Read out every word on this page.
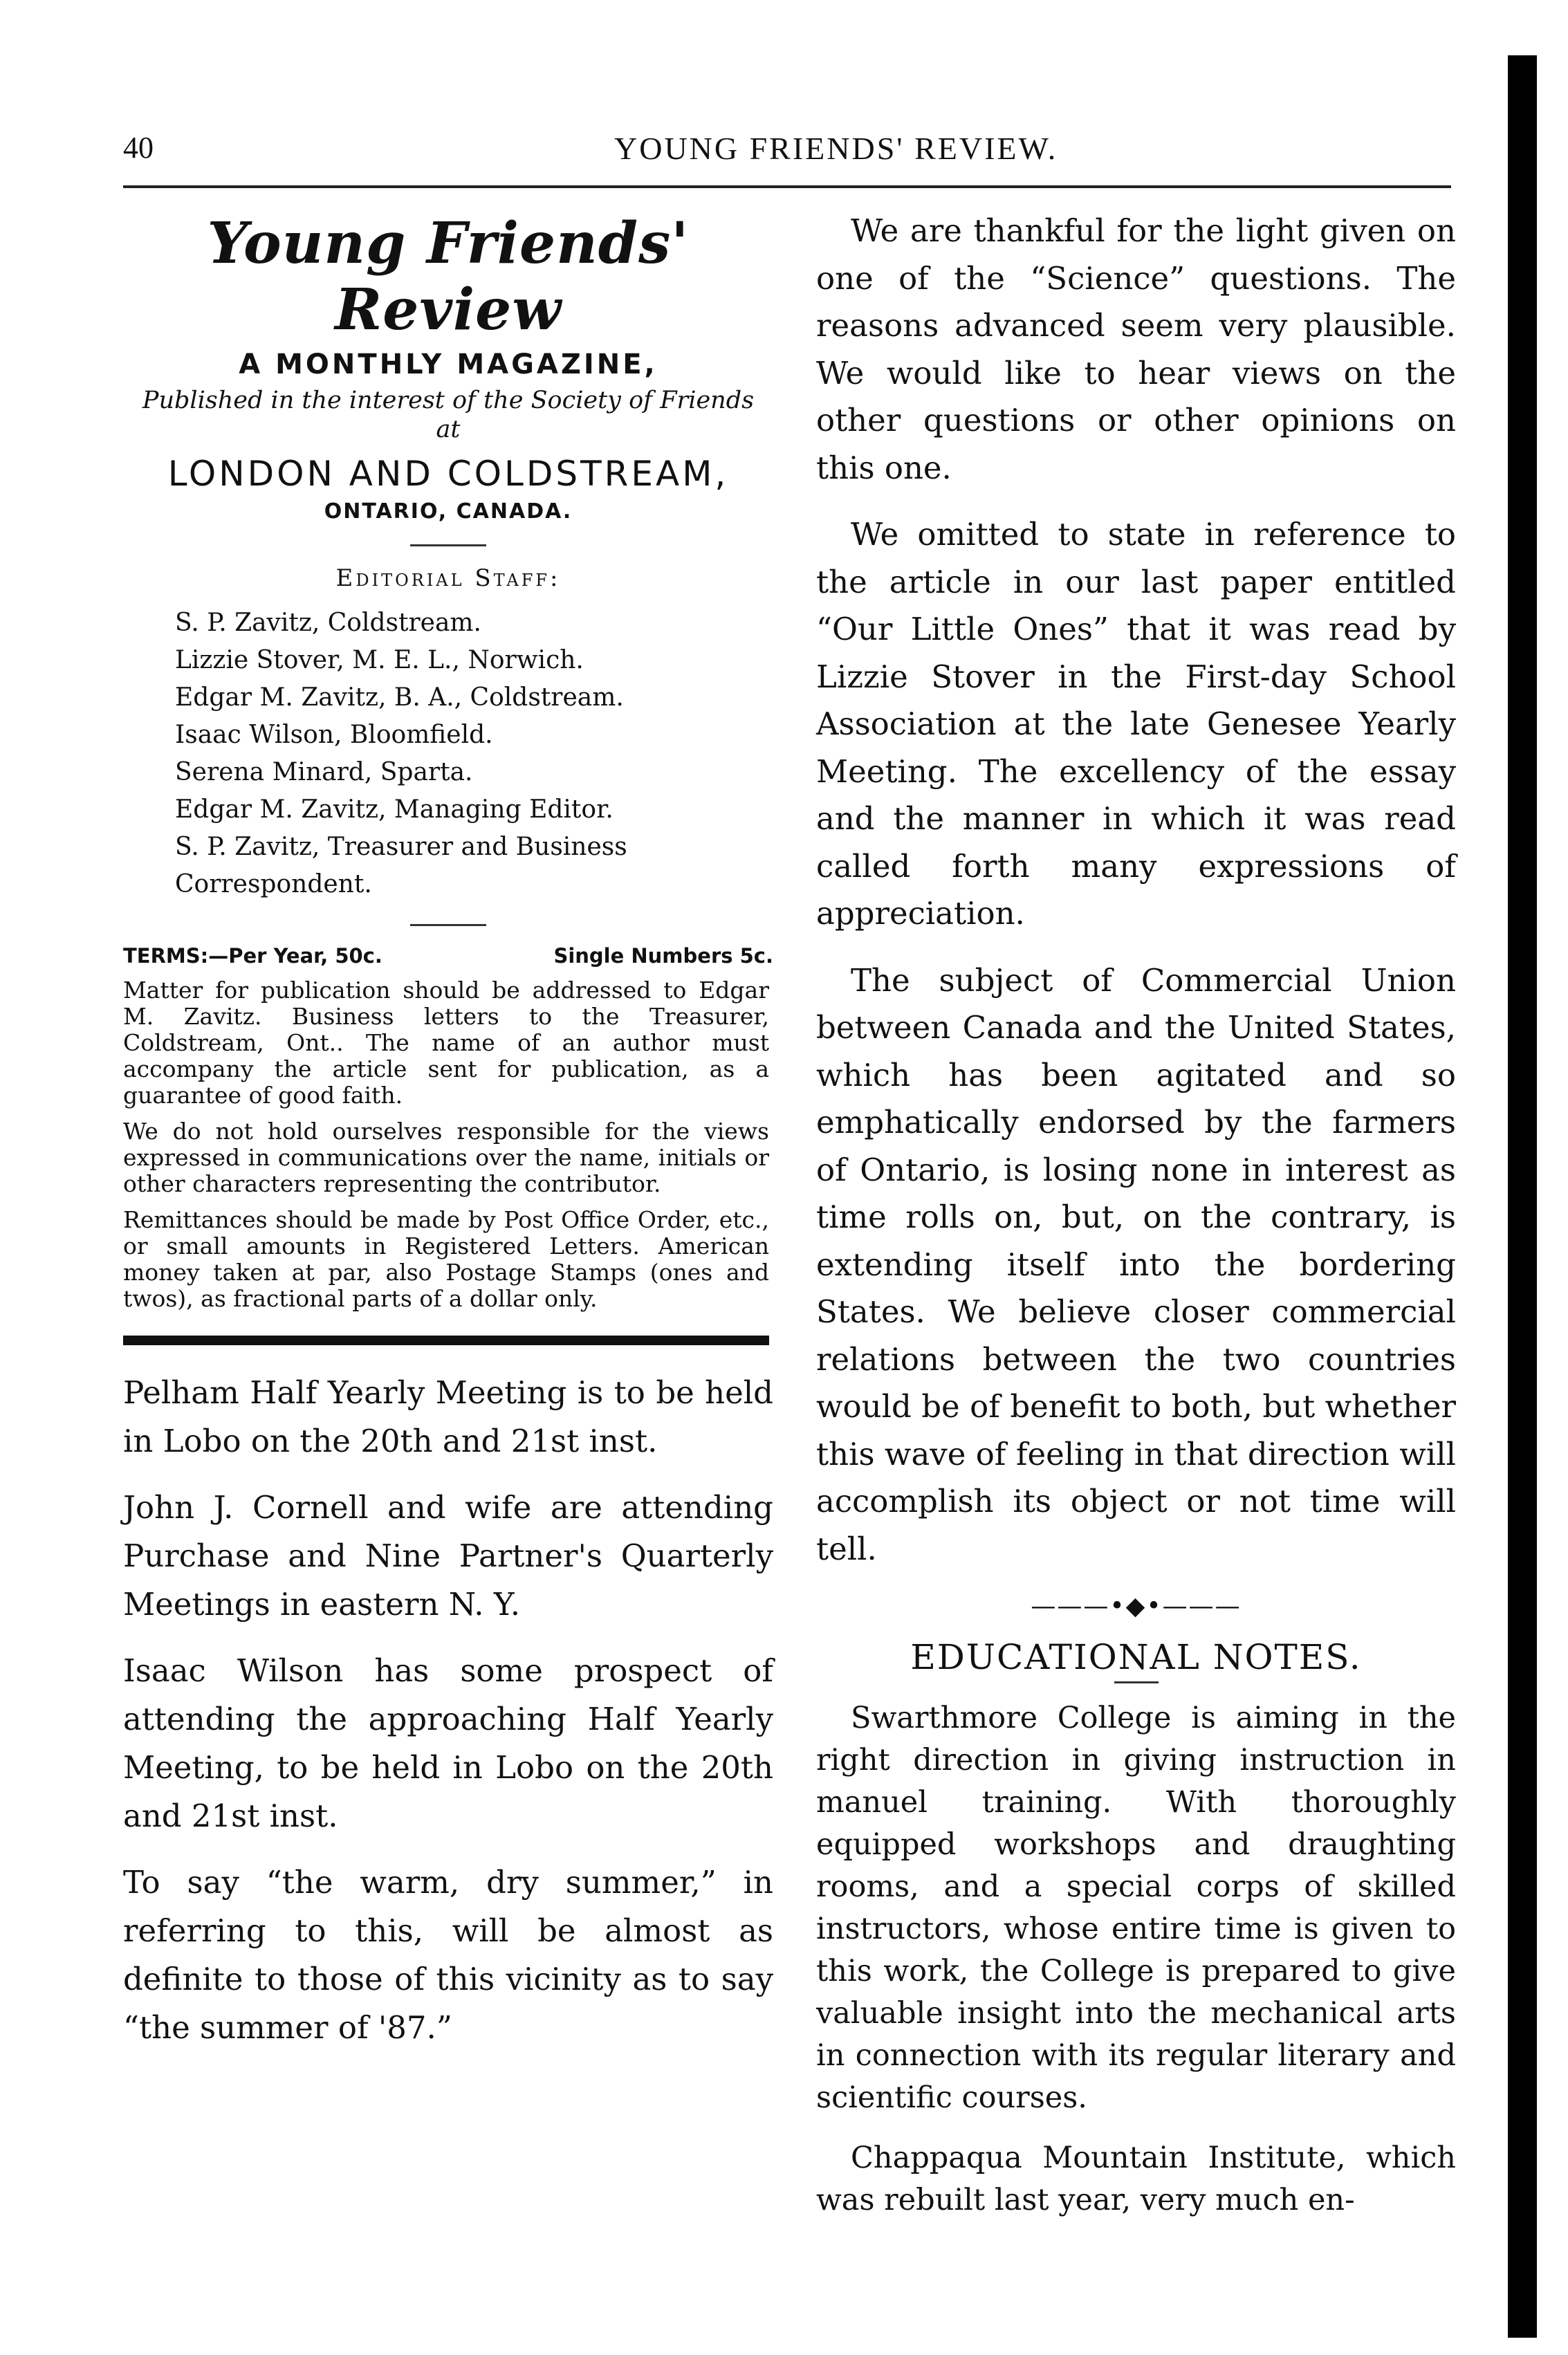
40	YOUNG FRIENDS' REVIEW.
Young Friends' Review
A MONTHLY MAGAZINE,
Published in the interest of the Society of Friends at
LONDON AND COLDSTREAM,
ONTARIO, CANADA.
Editorial Staff:
S. P. Zavitz, Coldstream.
Lizzie Stover, M. E. L., Norwich.
Edgar M. Zavitz, B. A., Coldstream.
Isaac Wilson, Bloomfield.
Serena Minard, Sparta.
Edgar M. Zavitz, Managing Editor.
S. P. Zavitz, Treasurer and Business Correspondent.
TERMS:—Per Year, 50c.	Single Numbers 5c.
Matter for publication should be addressed to Edgar M. Zavitz. Business letters to the Treasurer, Coldstream, Ont.. The name of an author must accompany the article sent for publication, as a guarantee of good faith.
We do not hold ourselves responsible for the views expressed in communications over the name, initials or other characters representing the contributor.
Remittances should be made by Post Office Order, etc., or small amounts in Registered Letters. American money taken at par, also Postage Stamps (ones and twos), as fractional parts of a dollar only.
Pelham Half Yearly Meeting is to be held in Lobo on the 20th and 21st inst.
John J. Cornell and wife are attending Purchase and Nine Partner's Quarterly Meetings in eastern N. Y.
Isaac Wilson has some prospect of attending the approaching Half Yearly Meeting, to be held in Lobo on the 20th and 21st inst.
To say “the warm, dry summer,” in referring to this, will be almost as definite to those of this vicinity as to say “the summer of '87.”
We are thankful for the light given on one of the “Science” questions. The reasons advanced seem very plausible. We would like to hear views on the other questions or other opinions on this one.
We omitted to state in reference to the article in our last paper entitled “Our Little Ones” that it was read by Lizzie Stover in the First-day School Association at the late Genesee Yearly Meeting. The excellency of the essay and the manner in which it was read called forth many expressions of appreciation.
The subject of Commercial Union between Canada and the United States, which has been agitated and so emphatically endorsed by the farmers of Ontario, is losing none in interest as time rolls on, but, on the contrary, is extending itself into the bordering States. We believe closer commercial relations between the two countries would be of benefit to both, but whether this wave of feeling in that direction will accomplish its object or not time will tell.
———•◆•———
EDUCATIONAL NOTES.
Swarthmore College is aiming in the right direction in giving instruction in manuel training. With thoroughly equipped workshops and draughting rooms, and a special corps of skilled instructors, whose entire time is given to this work, the College is prepared to give valuable insight into the mechanical arts in connection with its regular literary and scientific courses.
Chappaqua Mountain Institute, which was rebuilt last year, very much en-
